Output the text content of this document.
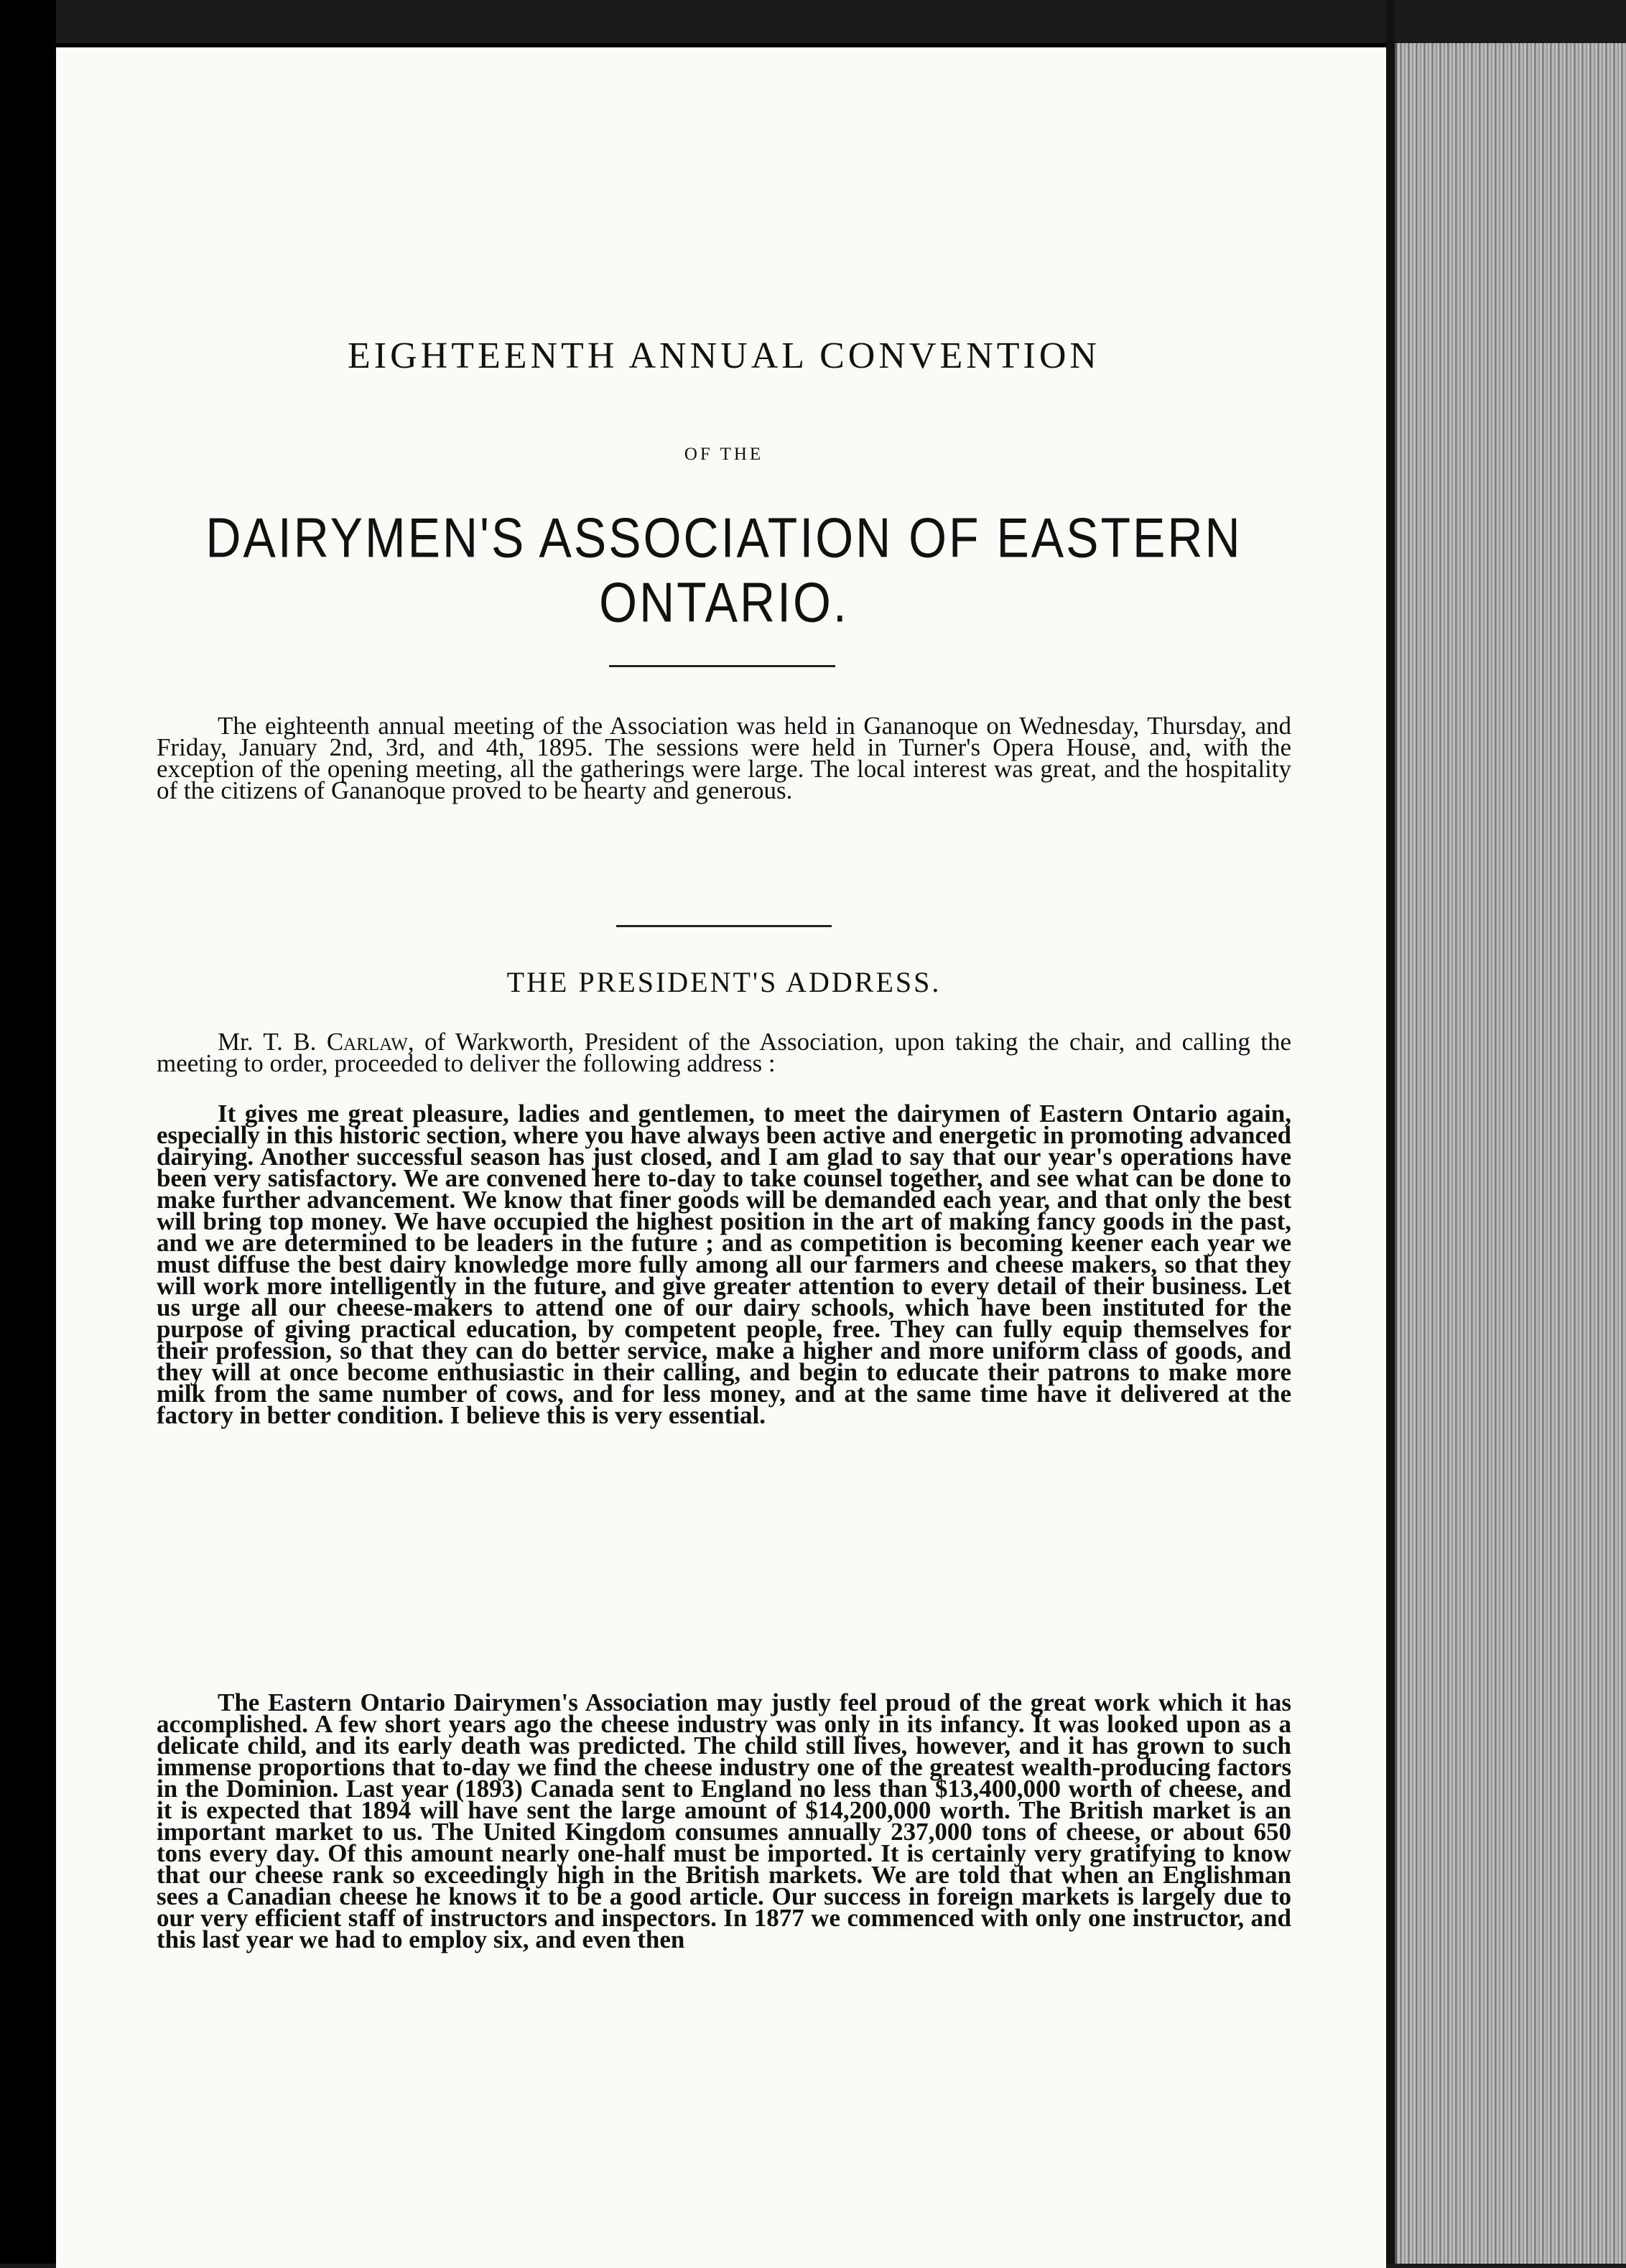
EIGHTEENTH ANNUAL CONVENTION
OF THE
DAIRYMEN'S ASSOCIATION OF EASTERN ONTARIO.

The eighteenth annual meeting of the Association was held in Gananoque on Wednesday, Thursday, and Friday, January 2nd, 3rd, and 4th, 1895. The sessions were held in Turner's Opera House, and, with the exception of the opening meeting, all the gatherings were large. The local interest was great, and the hospitality of the citizens of Gananoque proved to be hearty and generous.

THE PRESIDENT'S ADDRESS.

Mr. T. B. Carlaw, of Warkworth, President of the Association, upon taking the chair, and calling the meeting to order, proceeded to deliver the following address :

It gives me great pleasure, ladies and gentlemen, to meet the dairymen of Eastern Ontario again, especially in this historic section, where you have always been active and energetic in promoting advanced dairying. Another successful season has just closed, and I am glad to say that our year's operations have been very satisfactory. We are convened here to-day to take counsel together, and see what can be done to make further advancement. We know that finer goods will be demanded each year, and that only the best will bring top money. We have occupied the highest position in the art of making fancy goods in the past, and we are determined to be leaders in the future ; and as competition is becoming keener each year we must diffuse the best dairy knowledge more fully among all our farmers and cheese makers, so that they will work more intelligently in the future, and give greater attention to every detail of their business. Let us urge all our cheese-makers to attend one of our dairy schools, which have been instituted for the purpose of giving practical education, by competent people, free. They can fully equip themselves for their profession, so that they can do better service, make a higher and more uniform class of goods, and they will at once become enthusiastic in their calling, and begin to educate their patrons to make more milk from the same number of cows, and for less money, and at the same time have it delivered at the factory in better condition. I believe this is very essential.

The Eastern Ontario Dairymen's Association may justly feel proud of the great work which it has accomplished. A few short years ago the cheese industry was only in its infancy. It was looked upon as a delicate child, and its early death was predicted. The child still lives, however, and it has grown to such immense proportions that to-day we find the cheese industry one of the greatest wealth-producing factors in the Dominion. Last year (1893) Canada sent to England no less than $13,400,000 worth of cheese, and it is expected that 1894 will have sent the large amount of $14,200,000 worth. The British market is an important market to us. The United Kingdom consumes annually 237,000 tons of cheese, or about 650 tons every day. Of this amount nearly one-half must be imported. It is certainly very gratifying to know that our cheese rank so exceedingly high in the British markets. We are told that when an Englishman sees a Canadian cheese he knows it to be a good article. Our success in foreign markets is largely due to our very efficient staff of instructors and inspectors. In 1877 we commenced with only one instructor, and this last year we had to employ six, and even then
